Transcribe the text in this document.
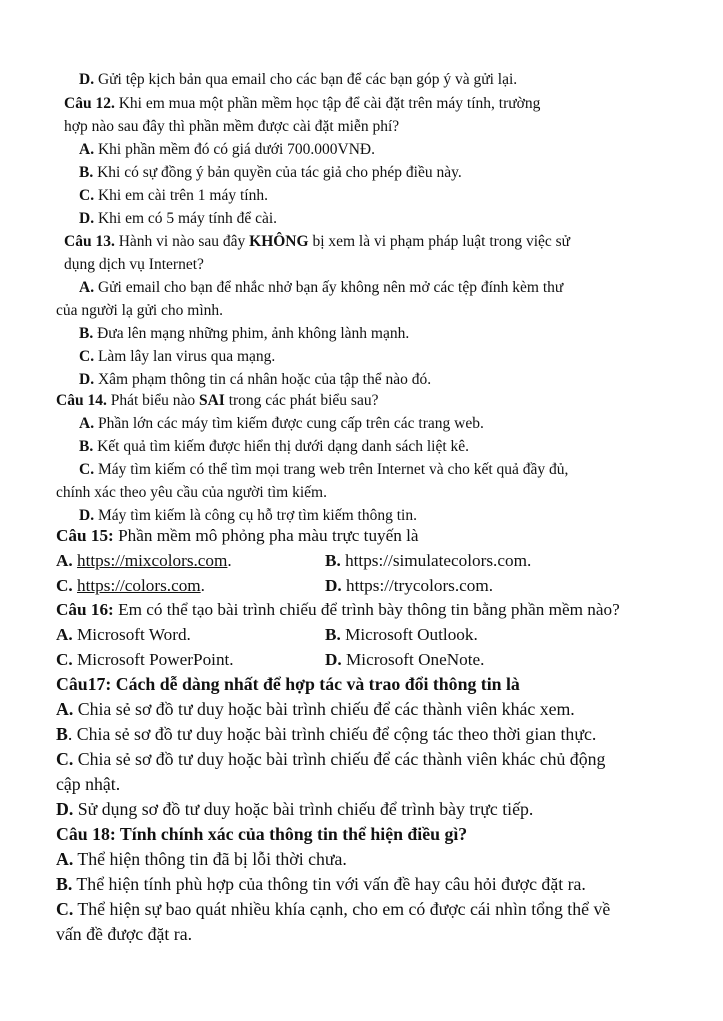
D. Gửi tệp kịch bản qua email cho các bạn để các bạn góp ý và gửi lại.
Câu 12. Khi em mua một phần mềm học tập để cài đặt trên máy tính, trường
hợp nào sau đây thì phần mềm được cài đặt miễn phí?
A. Khi phần mềm đó có giá dưới 700.000VNĐ.
B. Khi có sự đồng ý bản quyền của tác giả cho phép điều này.
C. Khi em cài trên 1 máy tính.
D. Khi em có 5 máy tính để cài.
Câu 13. Hành vi nào sau đây KHÔNG bị xem là vi phạm pháp luật trong việc sử
dụng dịch vụ Internet?
A. Gửi email cho bạn để nhắc nhở bạn ấy không nên mở các tệp đính kèm thư
của người lạ gửi cho mình.
B. Đưa lên mạng những phim, ảnh không lành mạnh.
C. Làm lây lan virus qua mạng.
D. Xâm phạm thông tin cá nhân hoặc của tập thể nào đó.
Câu 14. Phát biểu nào SAI trong các phát biểu sau?
A. Phần lớn các máy tìm kiếm được cung cấp trên các trang web.
B. Kết quả tìm kiếm được hiển thị dưới dạng danh sách liệt kê.
C. Máy tìm kiếm có thể tìm mọi trang web trên Internet và cho kết quả đầy đủ,
chính xác theo yêu cầu của người tìm kiếm.
D. Máy tìm kiếm là công cụ hỗ trợ tìm kiếm thông tin.
Câu 15: Phần mềm mô phỏng pha màu trực tuyến là
A. https://mixcolors.com.	B. https://simulatecolors.com.
C. https://colors.com.	D. https://trycolors.com.
Câu 16: Em có thể tạo bài trình chiếu để trình bày thông tin bằng phần mềm nào?
A. Microsoft Word.	B. Microsoft Outlook.
C. Microsoft PowerPoint.	D. Microsoft OneNote.
Câu17: Cách dễ dàng nhất để hợp tác và trao đổi thông tin là
A. Chia sẻ sơ đồ tư duy hoặc bài trình chiếu để các thành viên khác xem.
B. Chia sẻ sơ đồ tư duy hoặc bài trình chiếu để cộng tác theo thời gian thực.
C. Chia sẻ sơ đồ tư duy hoặc bài trình chiếu để các thành viên khác chủ động
cập nhật.
D. Sử dụng sơ đồ tư duy hoặc bài trình chiếu để trình bày trực tiếp.
Câu 18: Tính chính xác của thông tin thể hiện điều gì?
A. Thể hiện thông tin đã bị lỗi thời chưa.
B. Thể hiện tính phù hợp của thông tin với vấn đề hay câu hỏi được đặt ra.
C. Thể hiện sự bao quát nhiều khía cạnh, cho em có được cái nhìn tổng thể về
vấn đề được đặt ra.
